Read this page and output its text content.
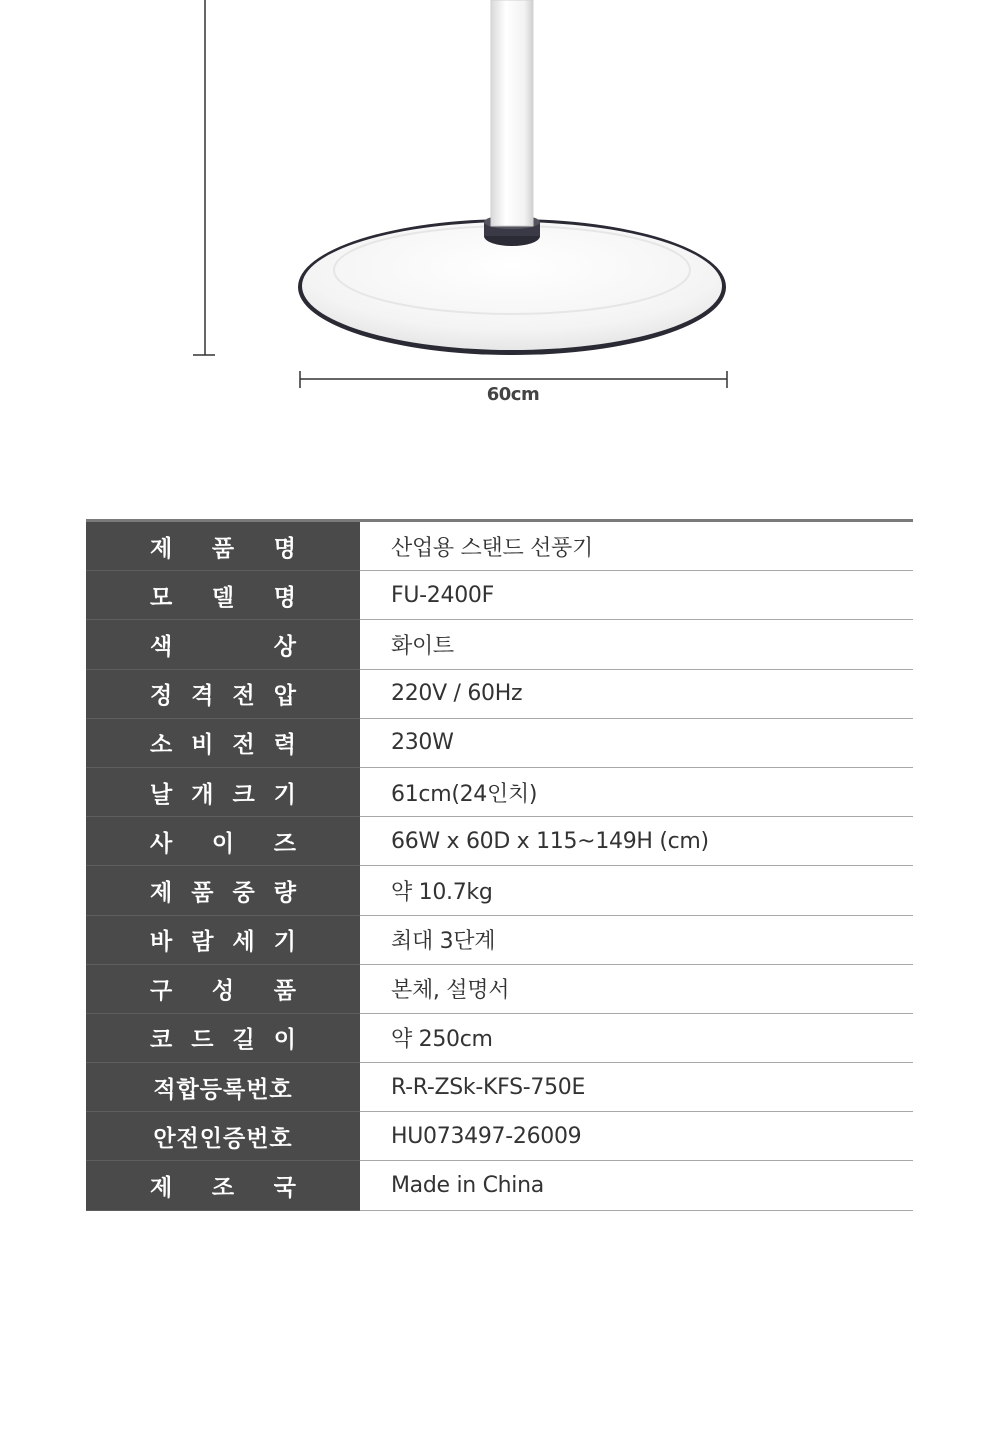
60cm
제 품 명	산업용 스탠드 선풍기
모 델 명	FU-2400F
색 상	화이트
정 격 전 압	220V / 60Hz
소 비 전 력	230W
날 개 크 기	61cm(24인치)
사 이 즈	66W x 60D x 115~149H (cm)
제 품 중 량	약 10.7kg
바 람 세 기	최대 3단계
구 성 품	본체, 설명서
코 드 길 이	약 250cm
적합등록번호	R-R-ZSk-KFS-750E
안전인증번호	HU073497-26009
제 조 국	Made in China
